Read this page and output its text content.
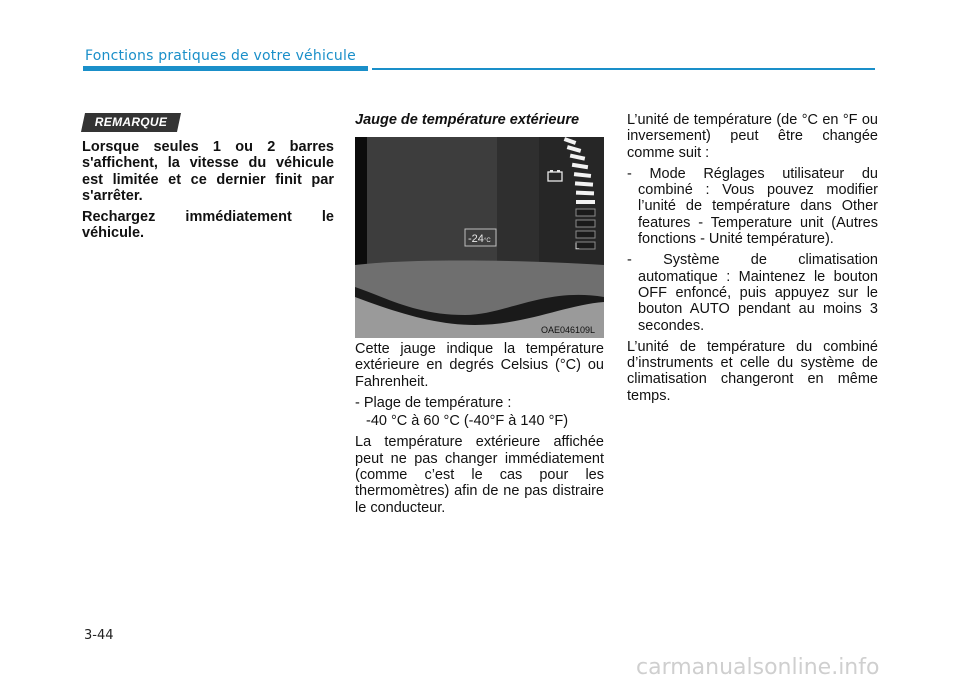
Fonctions pratiques de votre véhicule
REMARQUE

Lorsque seules 1 ou 2 barres s'affichent, la vitesse du véhicule est limitée et ce dernier finit par s'arrêter.

Rechargez immédiatement le véhicule.

Jauge de température extérieure
L
-24 °C
OAE046109L

Cette jauge indique la température extérieure en degrés Celsius (°C) ou Fahrenheit.

- Plage de température :

-40 °C à 60 °C (-40°F à 140 °F)

La température extérieure affichée peut ne pas changer immédiatement (comme c’est le cas pour les thermomètres) afin de ne pas distraire le conducteur.

L’unité de température (de °C en °F ou inversement) peut être changée comme suit :

- Mode Réglages utilisateur du combiné : Vous pouvez modifier l’unité de température dans Other features - Temperature unit (Autres fonctions - Unité température).

- Système de climatisation automatique : Maintenez le bouton OFF enfoncé, puis appuyez sur le bouton AUTO pendant au moins 3 secondes.

L’unité de température du combiné d’instruments et celle du système de climatisation changeront en même temps.

3-44
carmanualsonline.info
